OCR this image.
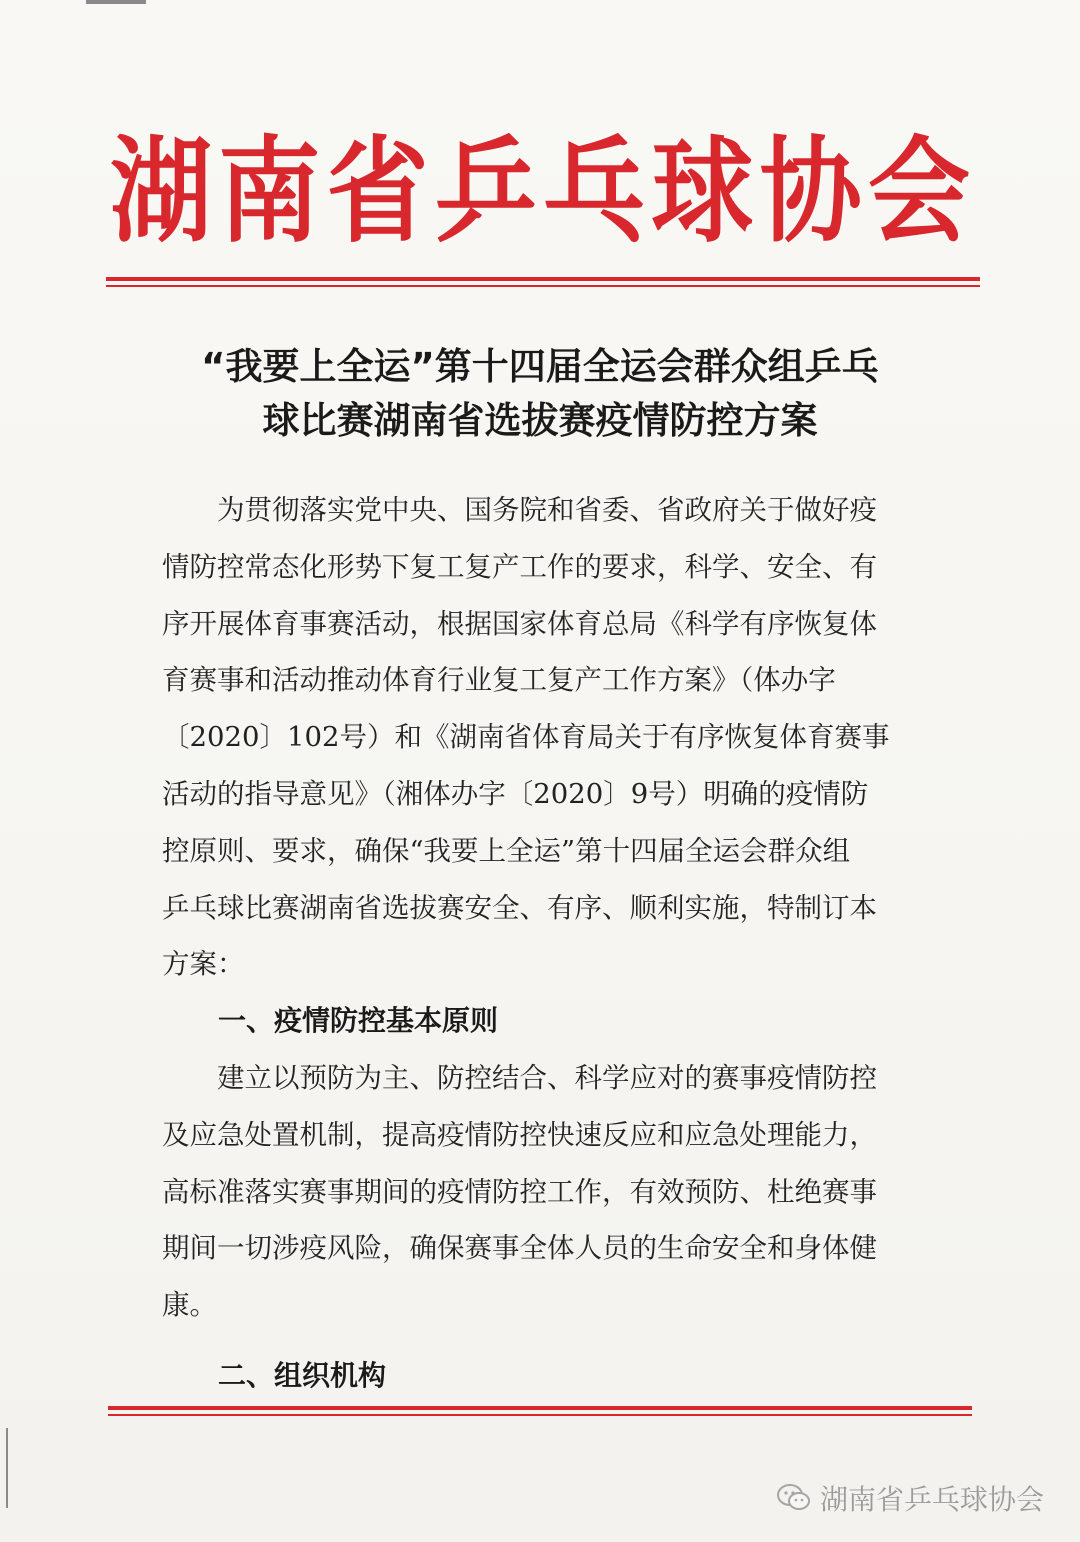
湖 南 省 乒 乓 球 协 会
“我要上全运”第十四届全运会群众组乒乓
球比赛湖南省选拔赛疫情防控方案
为贯彻落实党中央、国务院和省委、省政府关于做好疫
情防控常态化形势下复工复产工作的要求，科学、安全、有
序开展体育事赛活动，根据国家体育总局《科学有序恢复体
育赛事和活动推动体育行业复工复产工作方案》（体办字
〔2020〕102号）和《湖南省体育局关于有序恢复体育赛事
活动的指导意见》（湘体办字〔2020〕9号）明确的疫情防
控原则、要求，确保“我要上全运”第十四届全运会群众组
乒乓球比赛湖南省选拔赛安全、有序、顺利实施，特制订本
方案：
一、疫情防控基本原则
建立以预防为主、防控结合、科学应对的赛事疫情防控
及应急处置机制，提高疫情防控快速反应和应急处理能力，
高标准落实赛事期间的疫情防控工作，有效预防、杜绝赛事
期间一切涉疫风险，确保赛事全体人员的生命安全和身体健
康。
二、组织机构
湖南省乒乓球协会
